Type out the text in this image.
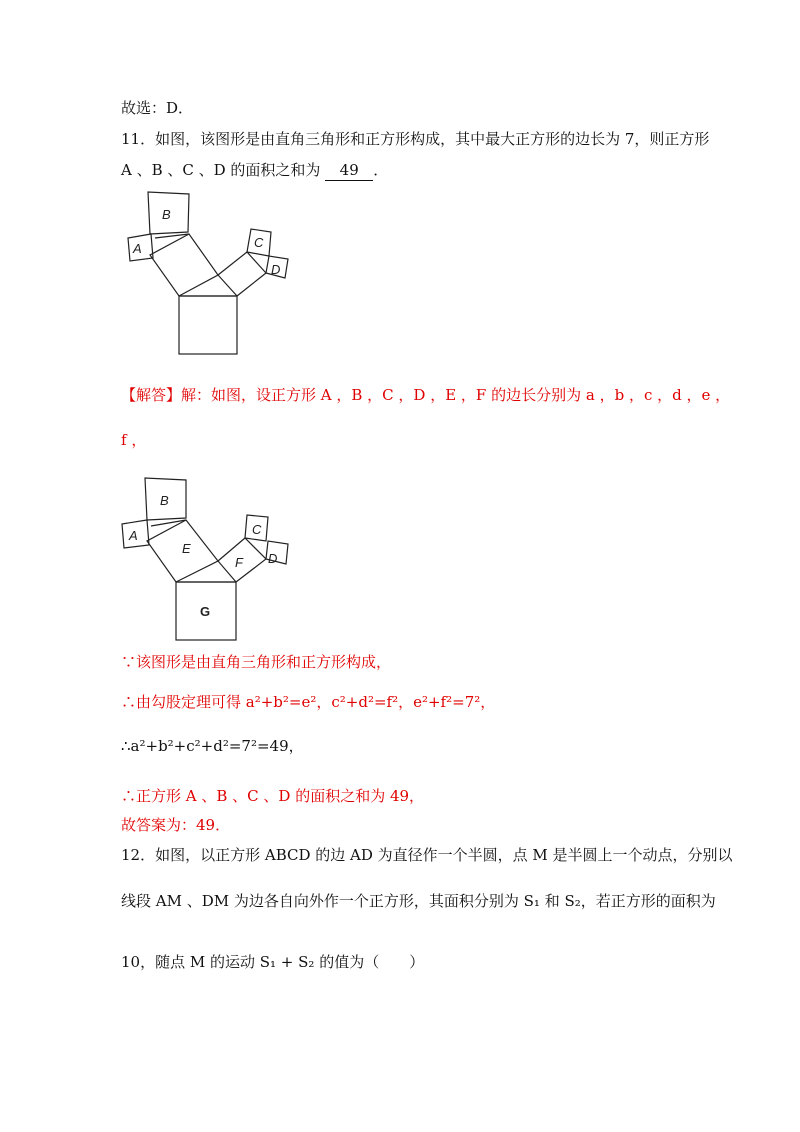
故选：D．
11．如图，该图形是由直角三角形和正方形构成，其中最大正方形的边长为 7，则正方形
A 、B 、C 、D 的面积之和为 49 ．
B
A	C
D
【解答】解：如图，设正方形 A ，B ，C ，D ，E ，F 的边长分别为 a ，b ，c ，d ，e ，
f ，
B
A
E
F
C
D
G
∵该图形是由直角三角形和正方形构成，
∴由勾股定理可得 a²+b²=e²，c²+d²=f²，e²+f²=7²，
∴a²+b²+c²+d²=7²=49，
∴正方形 A 、B 、C 、D 的面积之和为 49，
故答案为：49．
12．如图，以正方形 ABCD 的边 AD 为直径作一个半圆，点 M 是半圆上一个动点，分别以
线段 AM 、DM 为边各自向外作一个正方形，其面积分别为 S₁ 和 S₂，若正方形的面积为
10，随点 M 的运动 S₁ + S₂ 的值为（　　）
